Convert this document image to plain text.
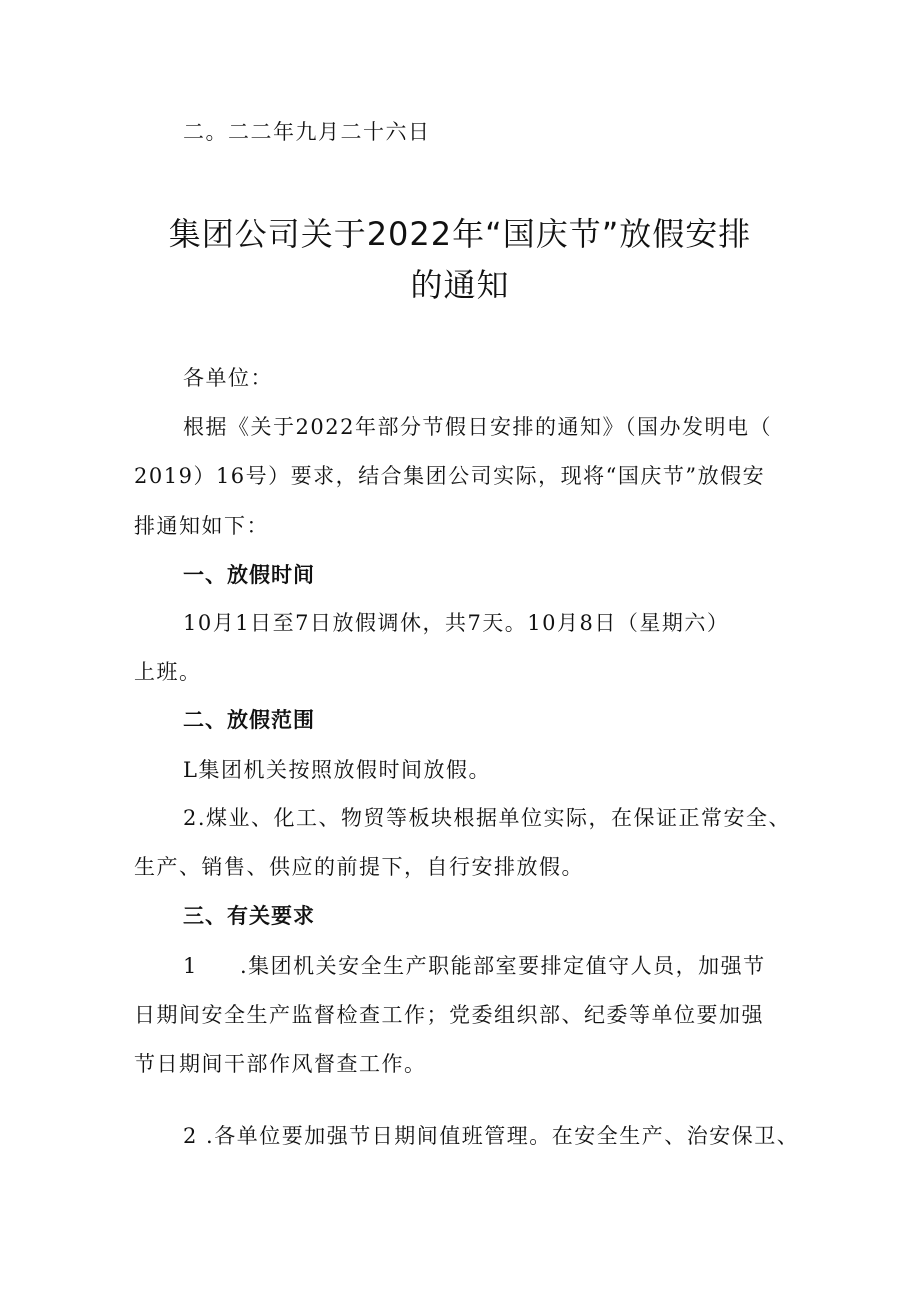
二。二二年九月二十六日
集团公司关于2022年“国庆节”放假安排
的通知
各单位：
根据《关于2022年部分节假日安排的通知》（国办发明电（
2019）16号）要求，结合集团公司实际，现将“国庆节”放假安
排通知如下：
一、放假时间
10月1日至7日放假调休，共7天。10月8日（星期六）
上班。
二、放假范围
L集团机关按照放假时间放假。
2.煤业、化工、物贸等板块根据单位实际，在保证正常安全、
生产、销售、供应的前提下，自行安排放假。
三、有关要求
1 .集团机关安全生产职能部室要排定值守人员，加强节
日期间安全生产监督检查工作；党委组织部、纪委等单位要加强
节日期间干部作风督查工作。
2 .各单位要加强节日期间值班管理。在安全生产、治安保卫、
